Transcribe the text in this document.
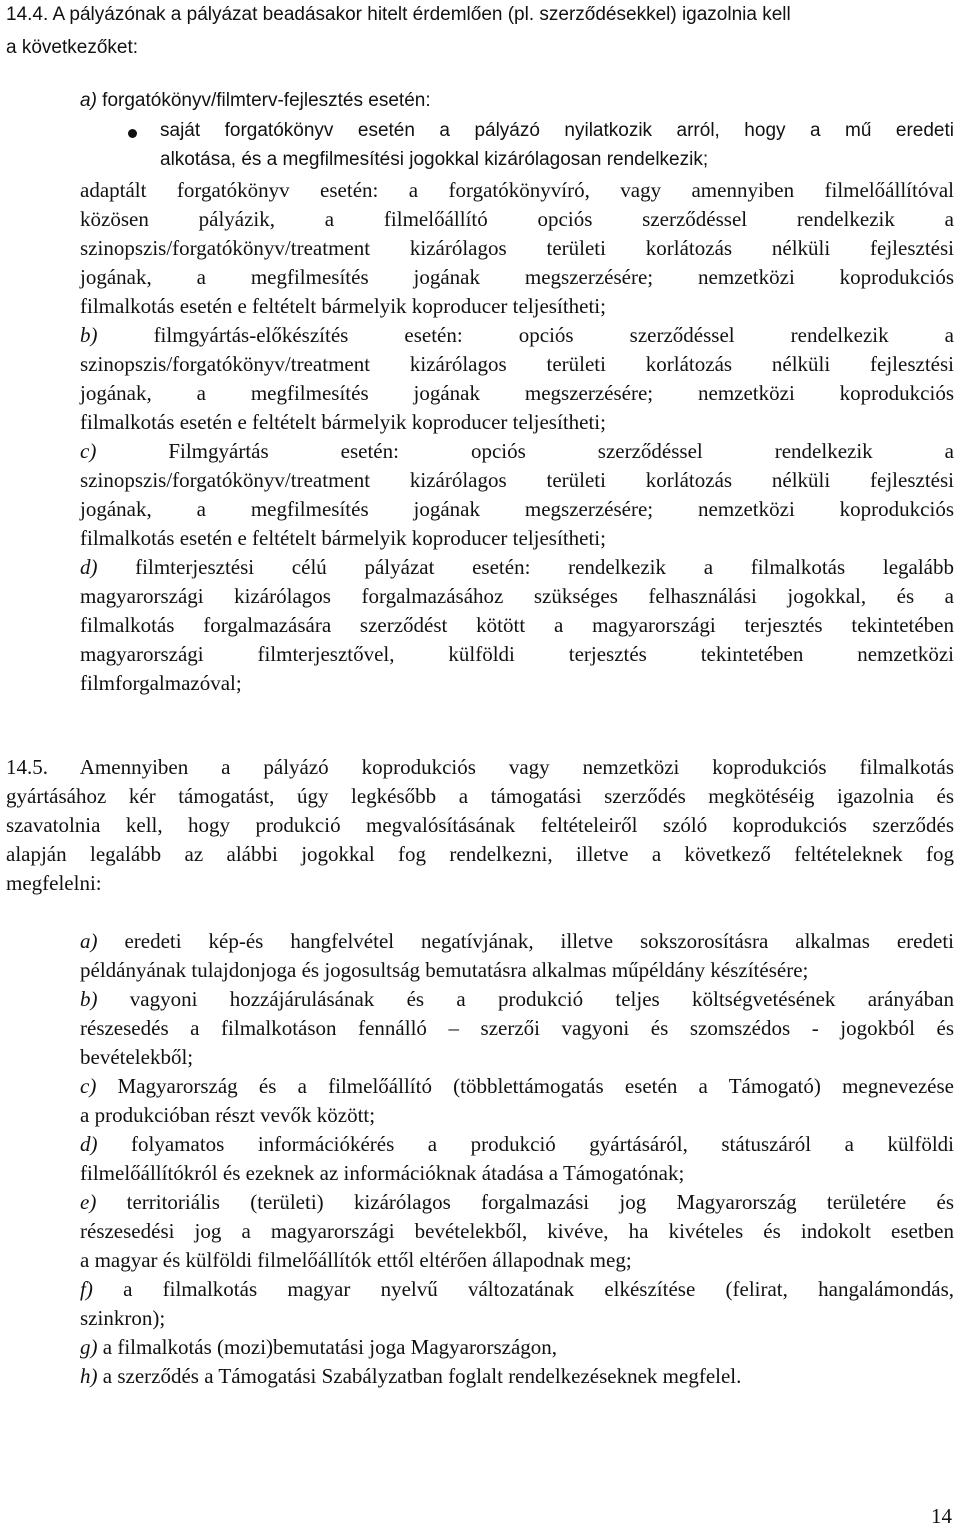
14.4. A pályázónak a pályázat beadásakor hitelt érdemlően (pl. szerződésekkel) igazolnia kell

a következőket:

a) forgatókönyv/filmterv-fejlesztés esetén:

saját forgatókönyv esetén a pályázó nyilatkozik arról, hogy a mű eredeti

alkotása, és a megfilmesítési jogokkal kizárólagosan rendelkezik;

adaptált forgatókönyv esetén: a forgatókönyvíró, vagy amennyiben filmelőállítóval

közösen pályázik, a filmelőállító opciós szerződéssel rendelkezik a

szinopszis/forgatókönyv/treatment kizárólagos területi korlátozás nélküli fejlesztési

jogának, a megfilmesítés jogának megszerzésére; nemzetközi koprodukciós

filmalkotás esetén e feltételt bármelyik koproducer teljesítheti;

b) filmgyártás-előkészítés esetén: opciós szerződéssel rendelkezik a

szinopszis/forgatókönyv/treatment kizárólagos területi korlátozás nélküli fejlesztési

jogának, a megfilmesítés jogának megszerzésére; nemzetközi koprodukciós

filmalkotás esetén e feltételt bármelyik koproducer teljesítheti;

c) Filmgyártás esetén: opciós szerződéssel rendelkezik a

szinopszis/forgatókönyv/treatment kizárólagos területi korlátozás nélküli fejlesztési

jogának, a megfilmesítés jogának megszerzésére; nemzetközi koprodukciós

filmalkotás esetén e feltételt bármelyik koproducer teljesítheti;

d) filmterjesztési célú pályázat esetén: rendelkezik a filmalkotás legalább

magyarországi kizárólagos forgalmazásához szükséges felhasználási jogokkal, és a

filmalkotás forgalmazására szerződést kötött a magyarországi terjesztés tekintetében

magyarországi filmterjesztővel, külföldi terjesztés tekintetében nemzetközi

filmforgalmazóval;

14.5. Amennyiben a pályázó koprodukciós vagy nemzetközi koprodukciós filmalkotás

gyártásához kér támogatást, úgy legkésőbb a támogatási szerződés megkötéséig igazolnia és

szavatolnia kell, hogy produkció megvalósításának feltételeiről szóló koprodukciós szerződés

alapján legalább az alábbi jogokkal fog rendelkezni, illetve a következő feltételeknek fog

megfelelni:

a) eredeti kép-és hangfelvétel negatívjának, illetve sokszorosításra alkalmas eredeti

példányának tulajdonjoga és jogosultság bemutatásra alkalmas műpéldány készítésére;

b) vagyoni hozzájárulásának és a produkció teljes költségvetésének arányában

részesedés a filmalkotáson fennálló – szerzői vagyoni és szomszédos - jogokból és

bevételekből;

c) Magyarország és a filmelőállító (többlettámogatás esetén a Támogató) megnevezése

a produkcióban részt vevők között;

d) folyamatos információkérés a produkció gyártásáról, státuszáról a külföldi

filmelőállítókról és ezeknek az információknak átadása a Támogatónak;

e) territoriális (területi) kizárólagos forgalmazási jog Magyarország területére és

részesedési jog a magyarországi bevételekből, kivéve, ha kivételes és indokolt esetben

a magyar és külföldi filmelőállítók ettől eltérően állapodnak meg;

f) a filmalkotás magyar nyelvű változatának elkészítése (felirat, hangalámondás,

szinkron);

g) a filmalkotás (mozi)bemutatási joga Magyarországon,

h) a szerződés a Támogatási Szabályzatban foglalt rendelkezéseknek megfelel.

14
